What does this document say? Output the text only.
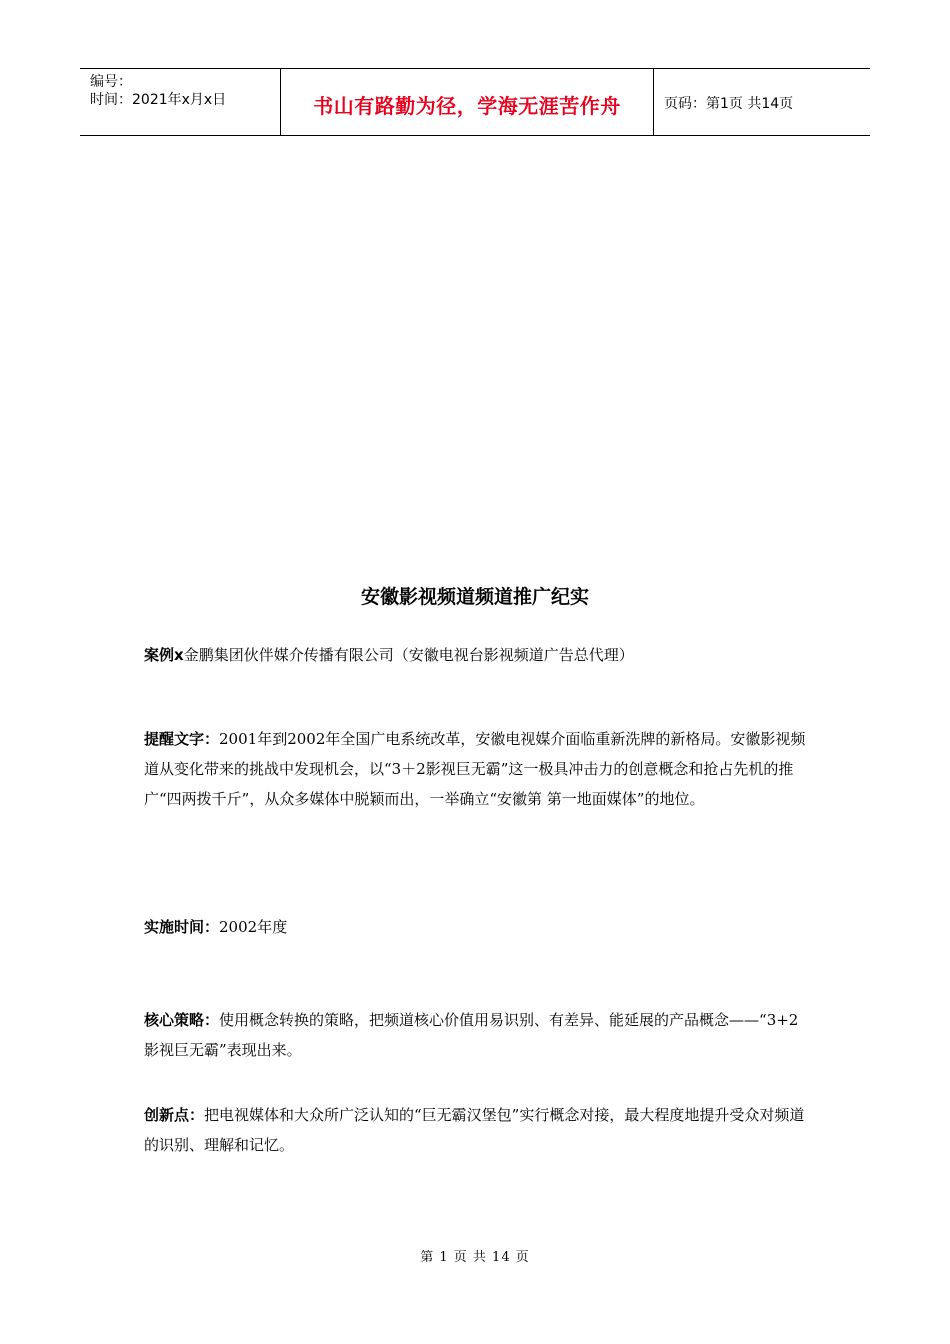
编号：
时间：2021年x月x日	书山有路勤为径，学海无涯苦作舟	页码：第1页 共14页
安徽影视频道频道推广纪实
案例x金鹏集团伙伴媒介传播有限公司（安徽电视台影视频道广告总代理）
提醒文字：2001年到2002年全国广电系统改革，安徽电视媒介面临重新洗牌的新格局。安徽影视频道从变化带来的挑战中发现机会，以“3＋2影视巨无霸”这一极具冲击力的创意概念和抢占先机的推广“四两拨千斤”，从众多媒体中脱颖而出，一举确立“安徽第 第一地面媒体”的地位。
实施时间：2002年度
核心策略：使用概念转换的策略，把频道核心价值用易识别、有差异、能延展的产品概念——“3+2影视巨无霸”表现出来。
创新点：把电视媒体和大众所广泛认知的“巨无霸汉堡包”实行概念对接，最大程度地提升受众对频道的识别、理解和记忆。
第 1 页 共 14 页
